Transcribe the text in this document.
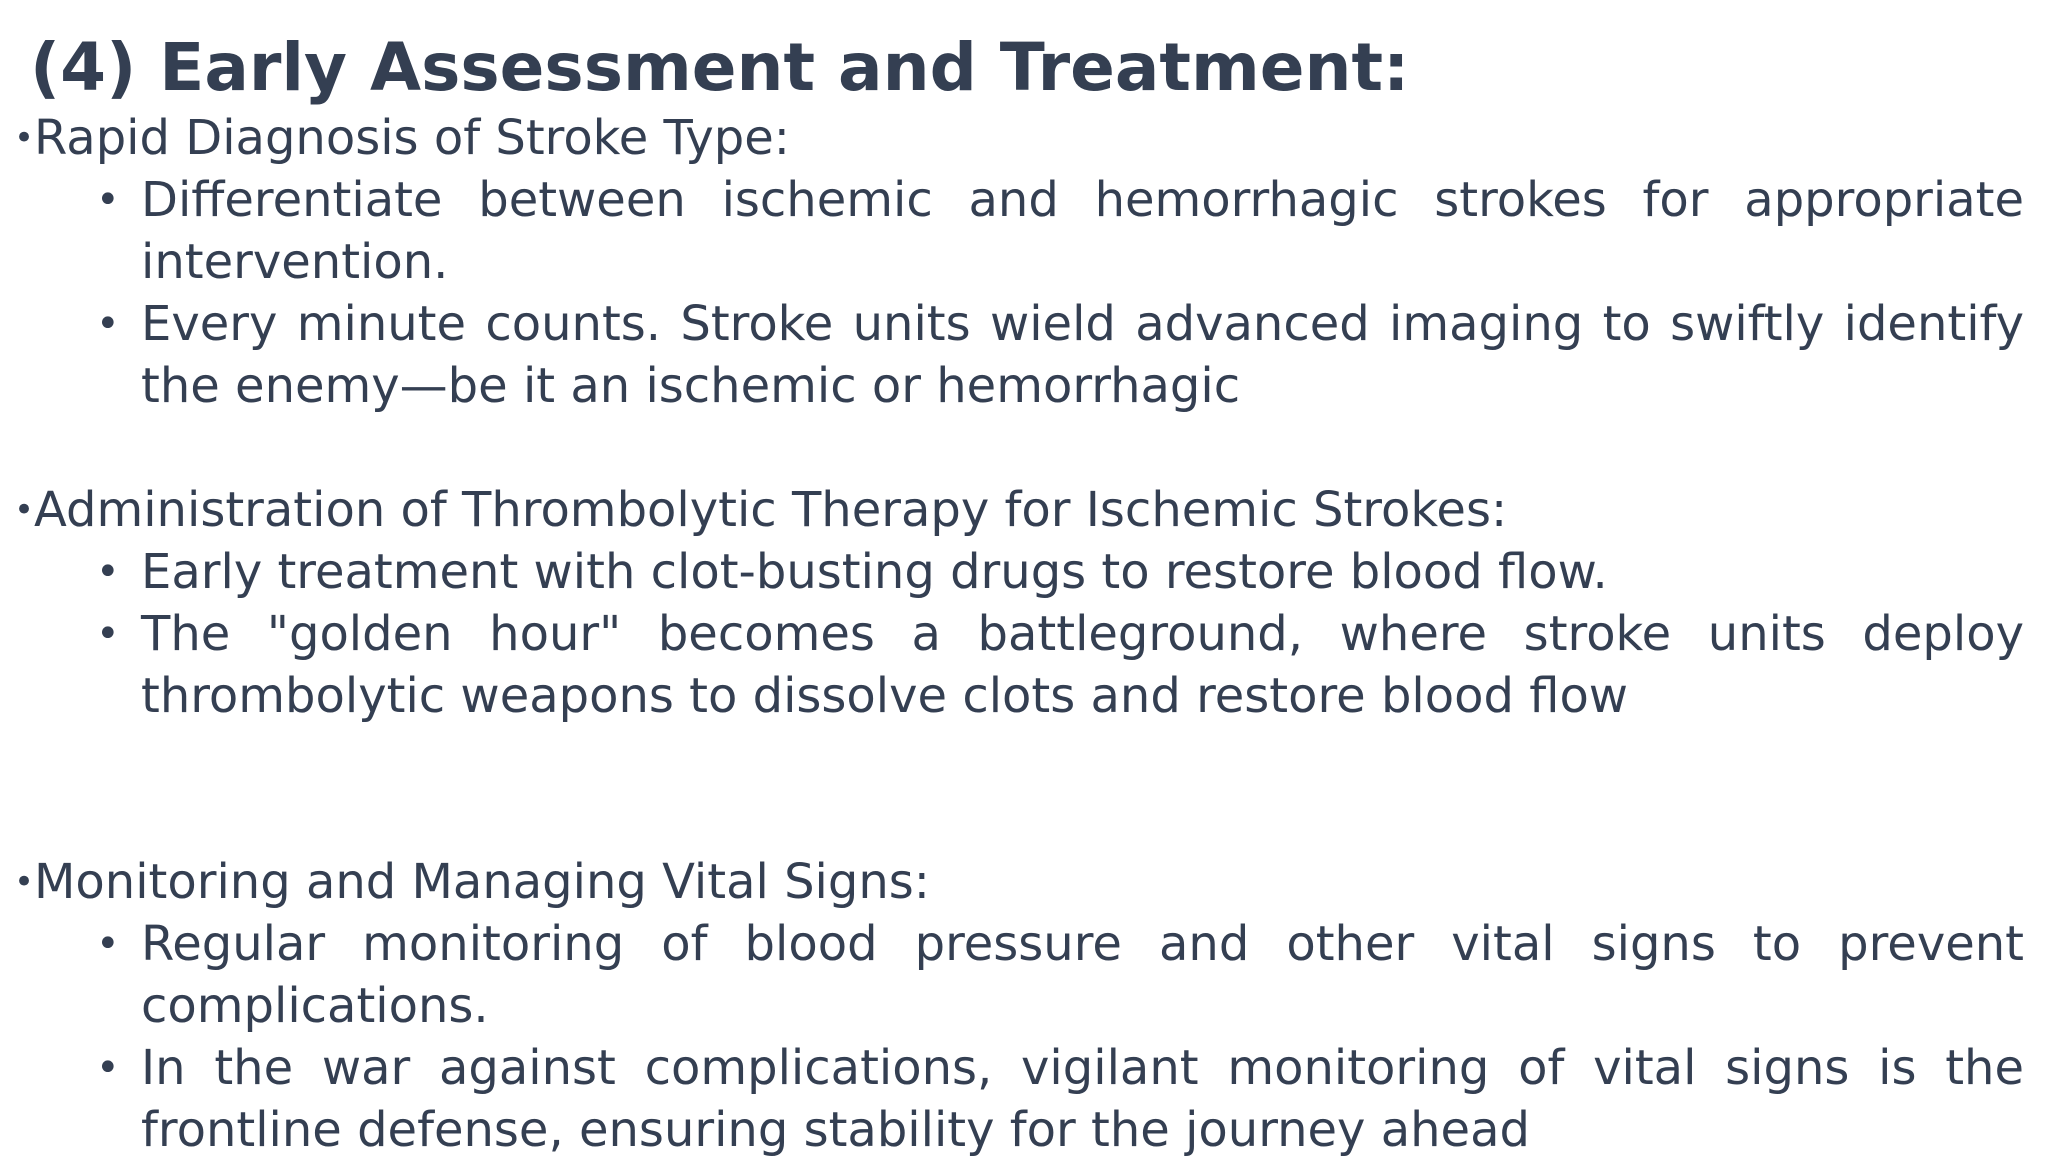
(4) Early Assessment and Treatment:
• Rapid Diagnosis of Stroke Type:
• Differentiate between ischemic and hemorrhagic strokes for appropriate intervention.
• Every minute counts. Stroke units wield advanced imaging to swiftly identify the enemy—be it an ischemic or hemorrhagic
• Administration of Thrombolytic Therapy for Ischemic Strokes:
• Early treatment with clot-busting drugs to restore blood flow.
• The "golden hour" becomes a battleground, where stroke units deploy thrombolytic weapons to dissolve clots and restore blood flow
• Monitoring and Managing Vital Signs:
• Regular monitoring of blood pressure and other vital signs to prevent complications.
• In the war against complications, vigilant monitoring of vital signs is the frontline defense, ensuring stability for the journey ahead
